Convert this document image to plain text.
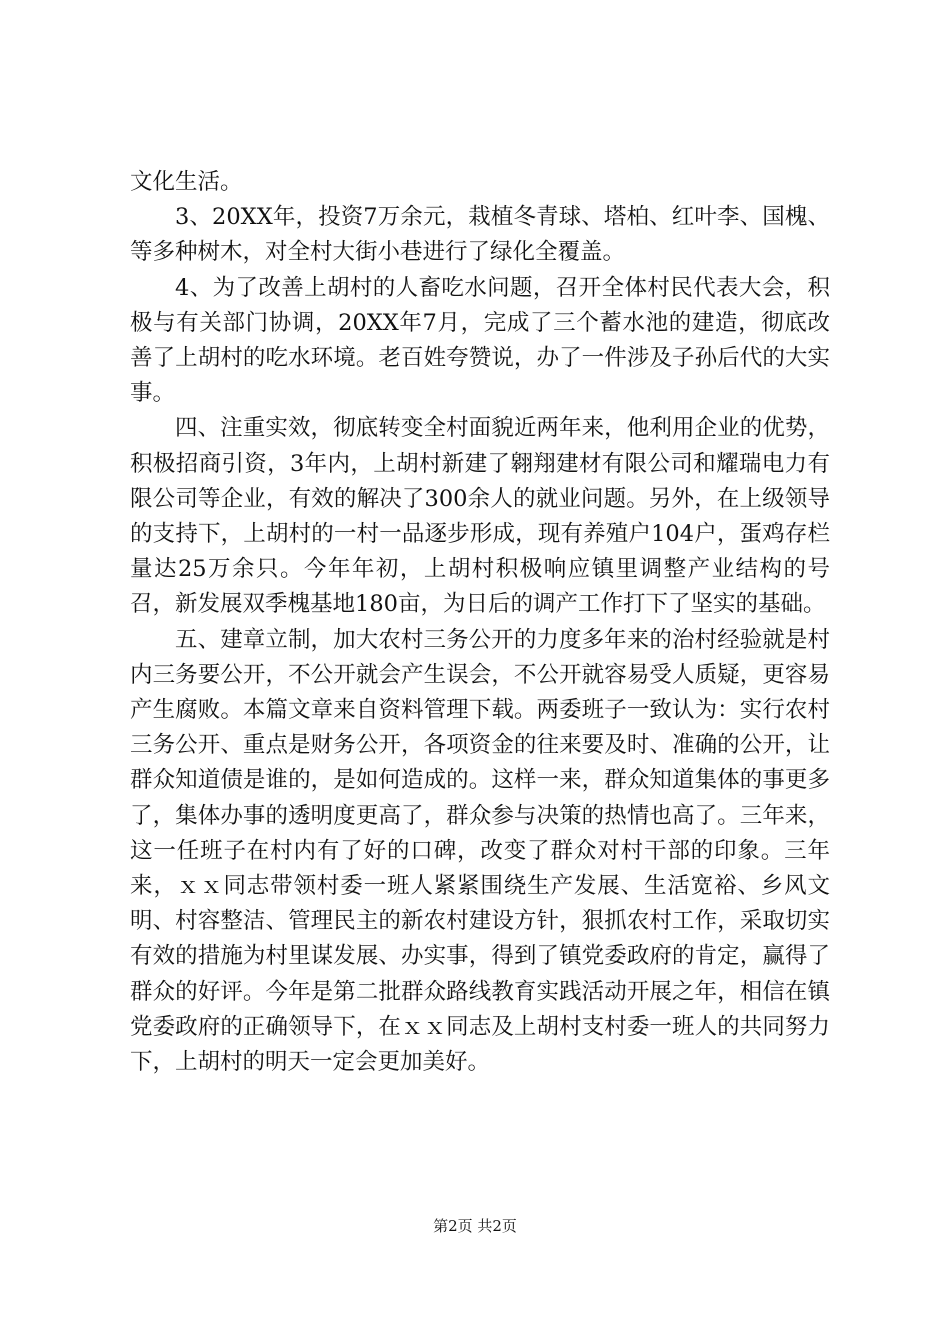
文化生活。

3、20XX年，投资7万余元，栽植冬青球、塔柏、红叶李、国槐、等多种树木，对全村大街小巷进行了绿化全覆盖。

4、为了改善上胡村的人畜吃水问题，召开全体村民代表大会，积极与有关部门协调，20XX年7月，完成了三个蓄水池的建造，彻底改善了上胡村的吃水环境。老百姓夸赞说，办了一件涉及子孙后代的大实事。

四、注重实效，彻底转变全村面貌近两年来，他利用企业的优势，积极招商引资，3年内，上胡村新建了翱翔建材有限公司和耀瑞电力有限公司等企业，有效的解决了300余人的就业问题。另外，在上级领导的支持下，上胡村的一村一品逐步形成，现有养殖户104户，蛋鸡存栏量达25万余只。今年年初，上胡村积极响应镇里调整产业结构的号召，新发展双季槐基地180亩，为日后的调产工作打下了坚实的基础。

五、建章立制，加大农村三务公开的力度多年来的治村经验就是村内三务要公开，不公开就会产生误会，不公开就容易受人质疑，更容易产生腐败。本篇文章来自资料管理下载。两委班子一致认为：实行农村三务公开、重点是财务公开，各项资金的往来要及时、准确的公开，让群众知道债是谁的，是如何造成的。这样一来，群众知道集体的事更多了，集体办事的透明度更高了，群众参与决策的热情也高了。三年来，这一任班子在村内有了好的口碑，改变了群众对村干部的印象。三年来，ｘｘ同志带领村委一班人紧紧围绕生产发展、生活宽裕、乡风文明、村容整洁、管理民主的新农村建设方针，狠抓农村工作，采取切实有效的措施为村里谋发展、办实事，得到了镇党委政府的肯定，赢得了群众的好评。今年是第二批群众路线教育实践活动开展之年，相信在镇党委政府的正确领导下，在ｘｘ同志及上胡村支村委一班人的共同努力下，上胡村的明天一定会更加美好。

第2页 共2页
